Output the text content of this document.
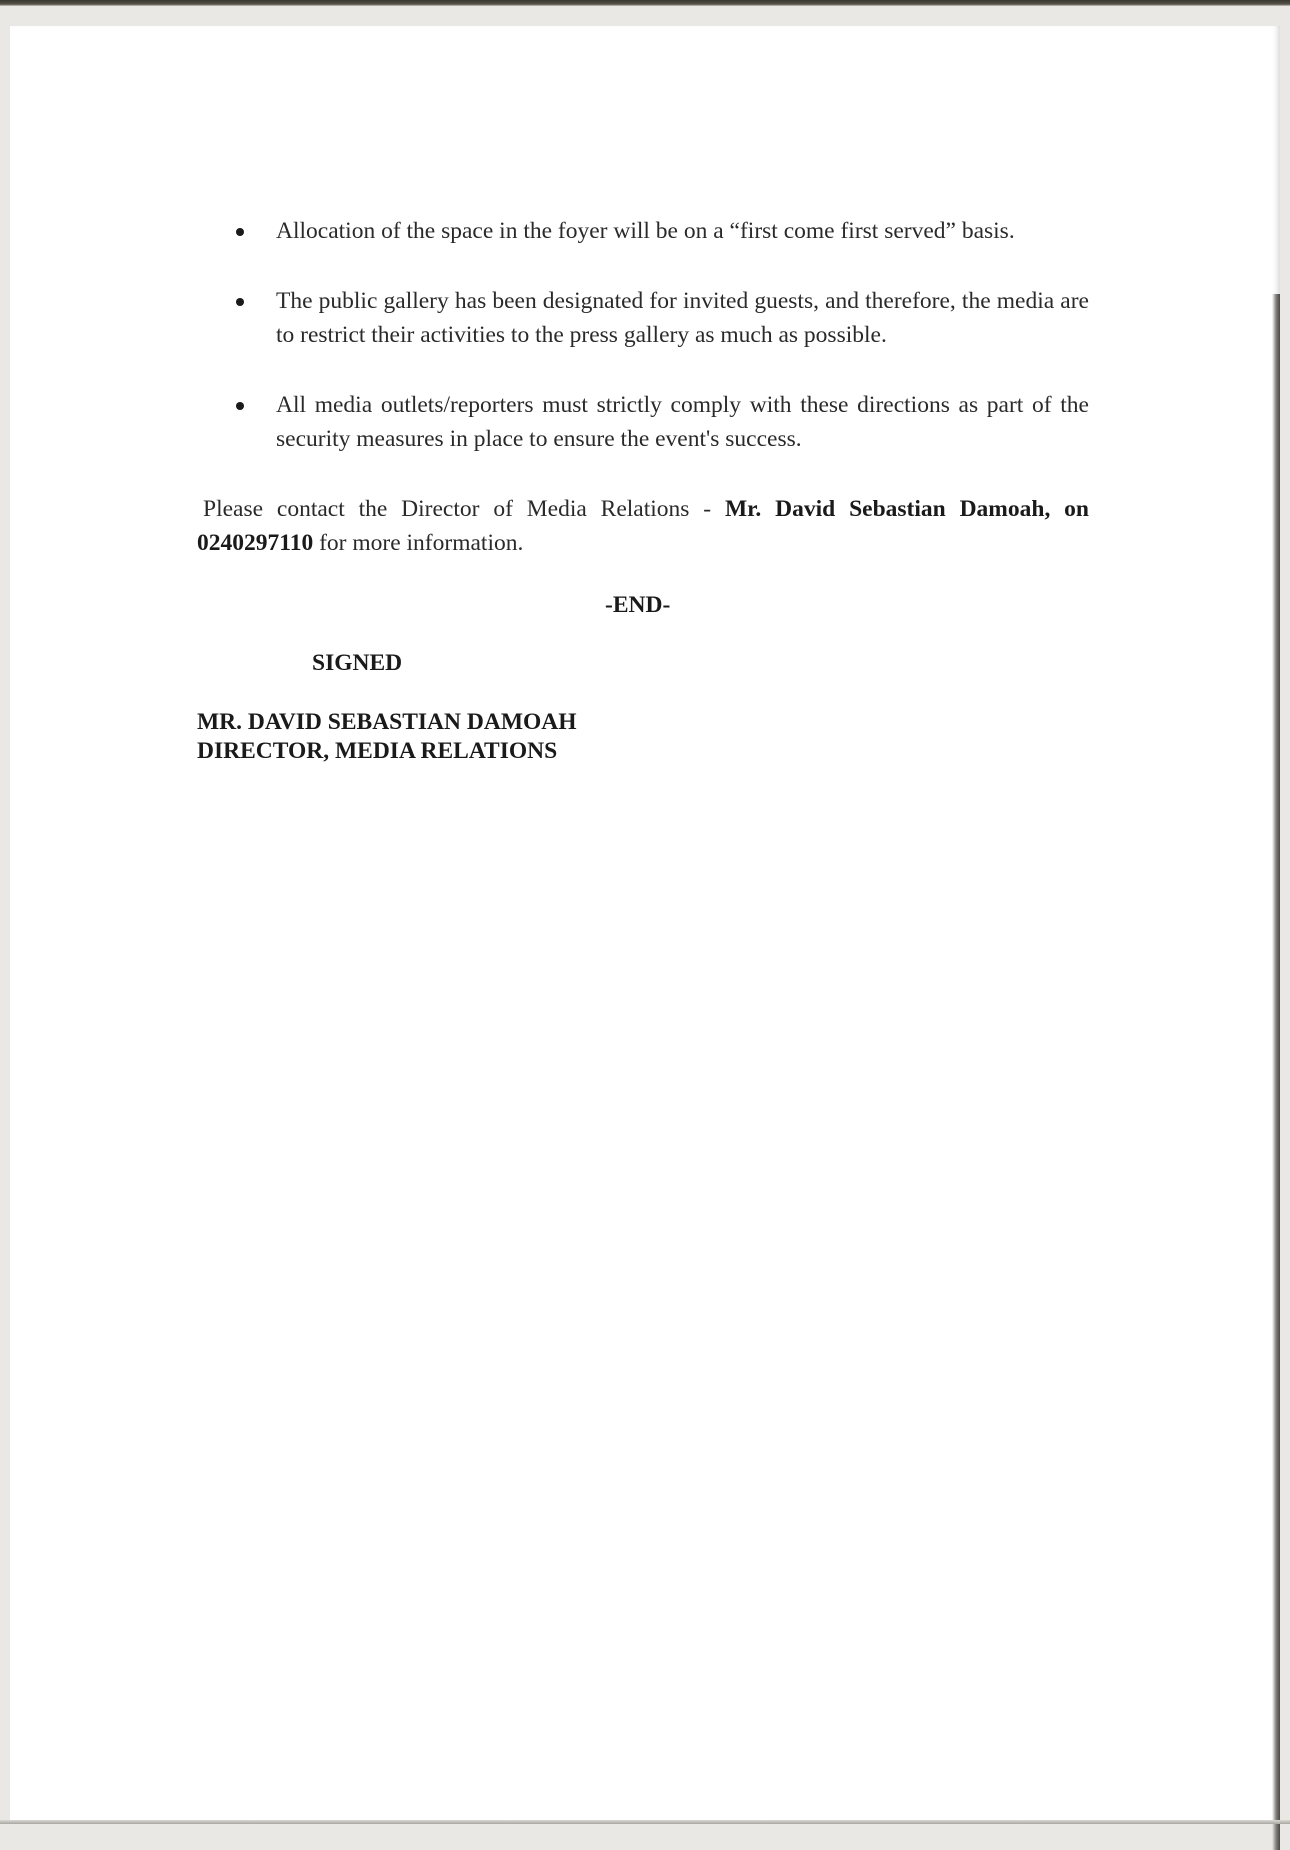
Allocation of the space in the foyer will be on a “first come first served” basis.
The public gallery has been designated for invited guests, and therefore, the media are to restrict their activities to the press gallery as much as possible.
All media outlets/reporters must strictly comply with these directions as part of the security measures in place to ensure the event's success.

Please contact the Director of Media Relations - Mr. David Sebastian Damoah, on
0240297110 for more information.

-END-
SIGNED
MR. DAVID SEBASTIAN DAMOAH
DIRECTOR, MEDIA RELATIONS
